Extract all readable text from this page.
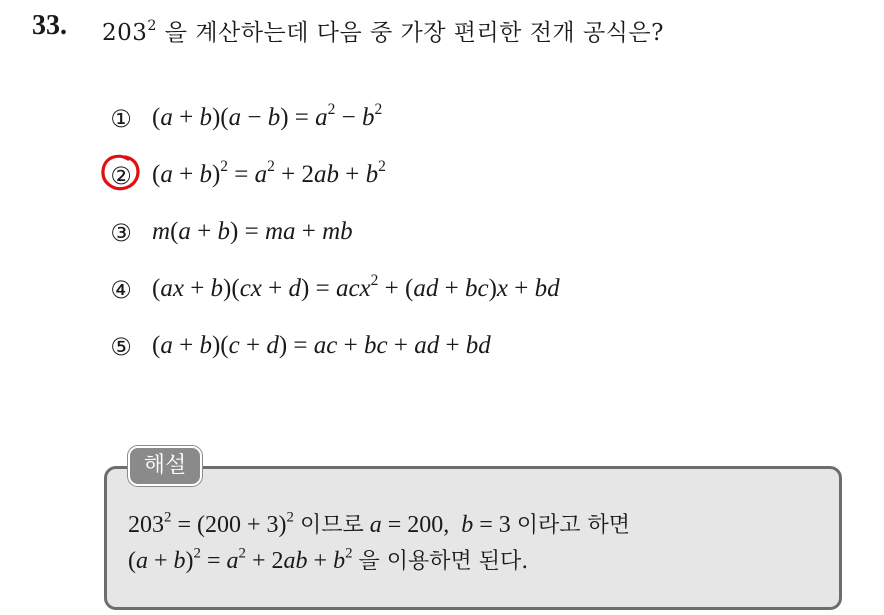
33. $203^2$ 을 계산하는데 다음 중 가장 편리한 전개 공식은?
① $(a + b)(a - b) = a^2 - b^2$
② $(a + b)^2 = a^2 + 2ab + b^2$
③ m(a + b) = ma + mb
④ (ax + b)(cx + d) = acx$^2$ + (ad + bc)x + bd
⑤ (a + b)(c + d) = ac + bc + ad + bd
해설
$203^2 = (200 + 3)^2$ 이므로 a = 200,  b = 3 이라고 하면
$(a + b)^2 = a^2 + 2ab + b^2$ 을 이용하면 된다.
